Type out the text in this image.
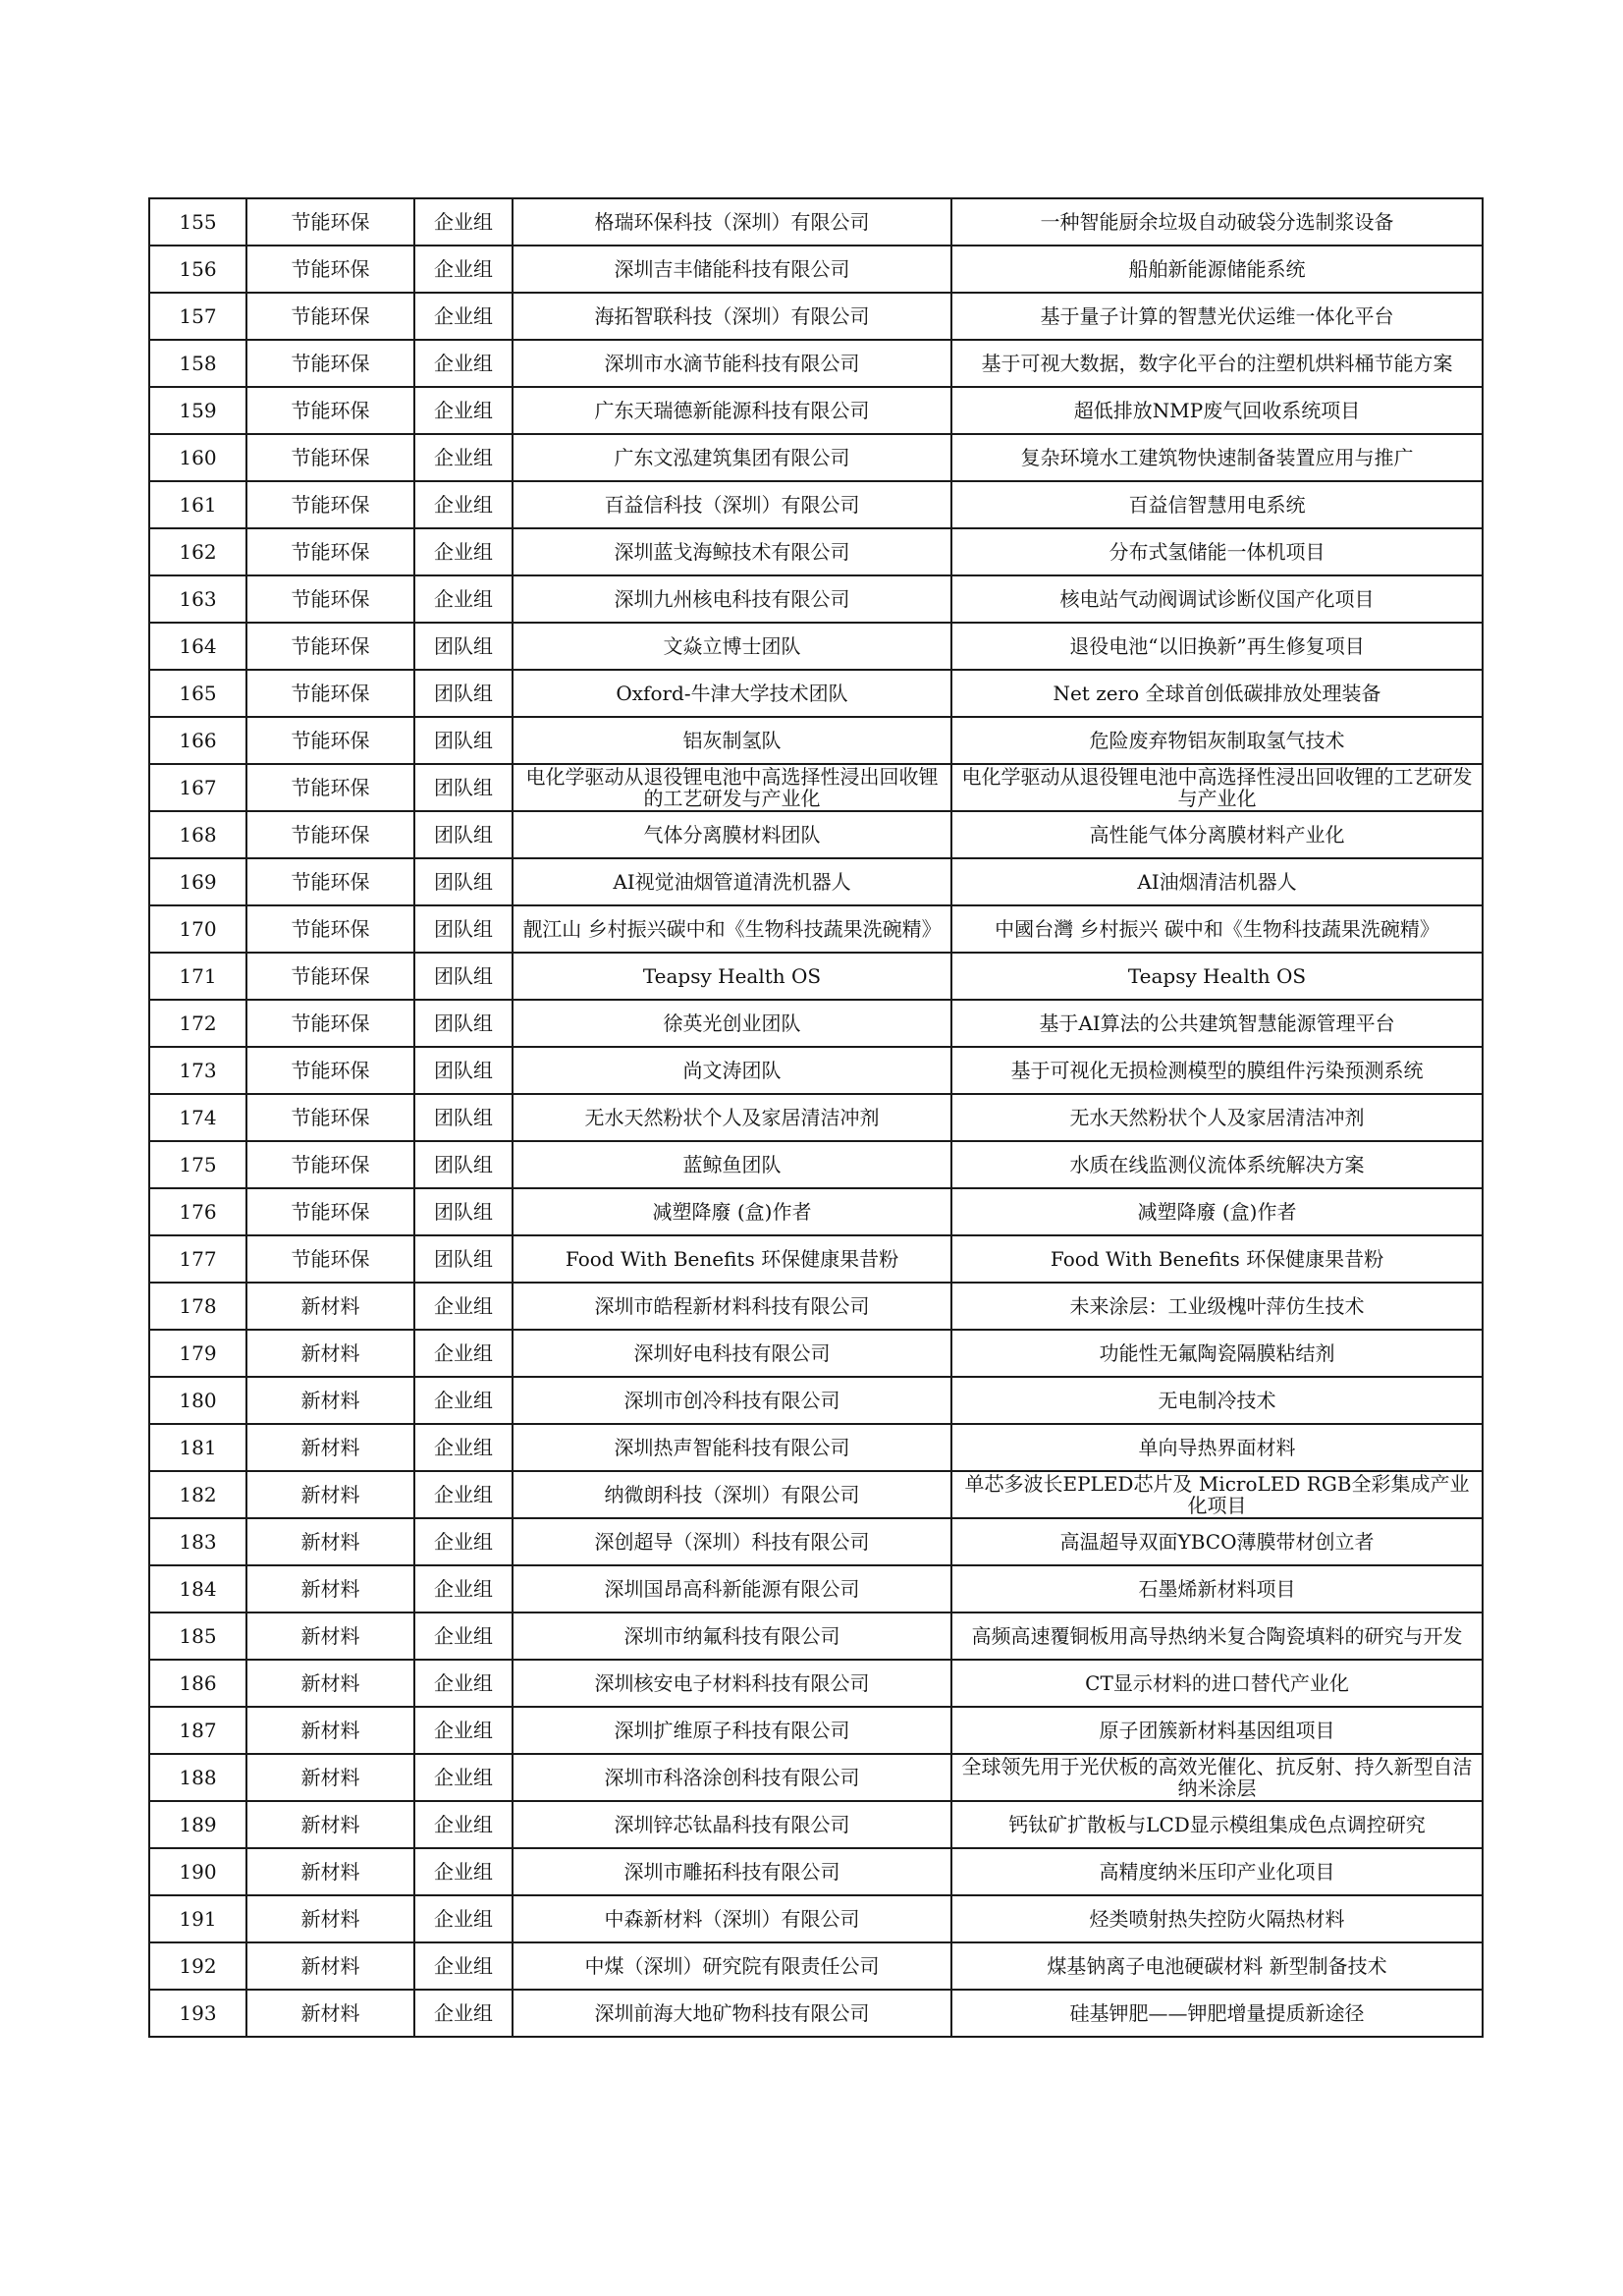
155	节能环保	企业组	格瑞环保科技（深圳）有限公司	一种智能厨余垃圾自动破袋分选制浆设备
156	节能环保	企业组	深圳吉丰储能科技有限公司	船舶新能源储能系统
157	节能环保	企业组	海拓智联科技（深圳）有限公司	基于量子计算的智慧光伏运维一体化平台
158	节能环保	企业组	深圳市水滴节能科技有限公司	基于可视大数据，数字化平台的注塑机烘料桶节能方案
159	节能环保	企业组	广东天瑞德新能源科技有限公司	超低排放NMP废气回收系统项目
160	节能环保	企业组	广东文泓建筑集团有限公司	复杂环境水工建筑物快速制备装置应用与推广
161	节能环保	企业组	百益信科技（深圳）有限公司	百益信智慧用电系统
162	节能环保	企业组	深圳蓝戈海鲸技术有限公司	分布式氢储能一体机项目
163	节能环保	企业组	深圳九州核电科技有限公司	核电站气动阀调试诊断仪国产化项目
164	节能环保	团队组	文焱立博士团队	退役电池“以旧换新”再生修复项目
165	节能环保	团队组	Oxford-牛津大学技术团队	Net zero 全球首创低碳排放处理装备
166	节能环保	团队组	铝灰制氢队	危险废弃物铝灰制取氢气技术
167	节能环保	团队组	电化学驱动从退役锂电池中高选择性浸出回收锂的工艺研发与产业化	电化学驱动从退役锂电池中高选择性浸出回收锂的工艺研发与产业化
168	节能环保	团队组	气体分离膜材料团队	高性能气体分离膜材料产业化
169	节能环保	团队组	AI视觉油烟管道清洗机器人	AI油烟清洁机器人
170	节能环保	团队组	靓江山 乡村振兴碳中和《生物科技蔬果洗碗精》	中國台灣 乡村振兴 碳中和《生物科技蔬果洗碗精》
171	节能环保	团队组	Teapsy Health OS	Teapsy Health OS
172	节能环保	团队组	徐英光创业团队	基于AI算法的公共建筑智慧能源管理平台
173	节能环保	团队组	尚文涛团队	基于可视化无损检测模型的膜组件污染预测系统
174	节能环保	团队组	无水天然粉状个人及家居清洁冲剂	无水天然粉状个人及家居清洁冲剂
175	节能环保	团队组	蓝鲸鱼团队	水质在线监测仪流体系统解决方案
176	节能环保	团队组	减塑降廢 (盒)作者	减塑降廢 (盒)作者
177	节能环保	团队组	Food With Benefits 环保健康果昔粉	Food With Benefits 环保健康果昔粉
178	新材料	企业组	深圳市皓程新材料科技有限公司	未来涂层：工业级槐叶萍仿生技术
179	新材料	企业组	深圳好电科技有限公司	功能性无氟陶瓷隔膜粘结剂
180	新材料	企业组	深圳市创冷科技有限公司	无电制冷技术
181	新材料	企业组	深圳热声智能科技有限公司	单向导热界面材料
182	新材料	企业组	纳微朗科技（深圳）有限公司	单芯多波长EPLED芯片及 MicroLED RGB全彩集成产业化项目
183	新材料	企业组	深创超导（深圳）科技有限公司	高温超导双面YBCO薄膜带材创立者
184	新材料	企业组	深圳国昂高科新能源有限公司	石墨烯新材料项目
185	新材料	企业组	深圳市纳氟科技有限公司	高频高速覆铜板用高导热纳米复合陶瓷填料的研究与开发
186	新材料	企业组	深圳核安电子材料科技有限公司	CT显示材料的进口替代产业化
187	新材料	企业组	深圳扩维原子科技有限公司	原子团簇新材料基因组项目
188	新材料	企业组	深圳市科洛涂创科技有限公司	全球领先用于光伏板的高效光催化、抗反射、持久新型自洁纳米涂层
189	新材料	企业组	深圳锌芯钛晶科技有限公司	钙钛矿扩散板与LCD显示模组集成色点调控研究
190	新材料	企业组	深圳市雕拓科技有限公司	高精度纳米压印产业化项目
191	新材料	企业组	中森新材料（深圳）有限公司	烃类喷射热失控防火隔热材料
192	新材料	企业组	中煤（深圳）研究院有限责任公司	煤基钠离子电池硬碳材料 新型制备技术
193	新材料	企业组	深圳前海大地矿物科技有限公司	硅基钾肥——钾肥增量提质新途径
